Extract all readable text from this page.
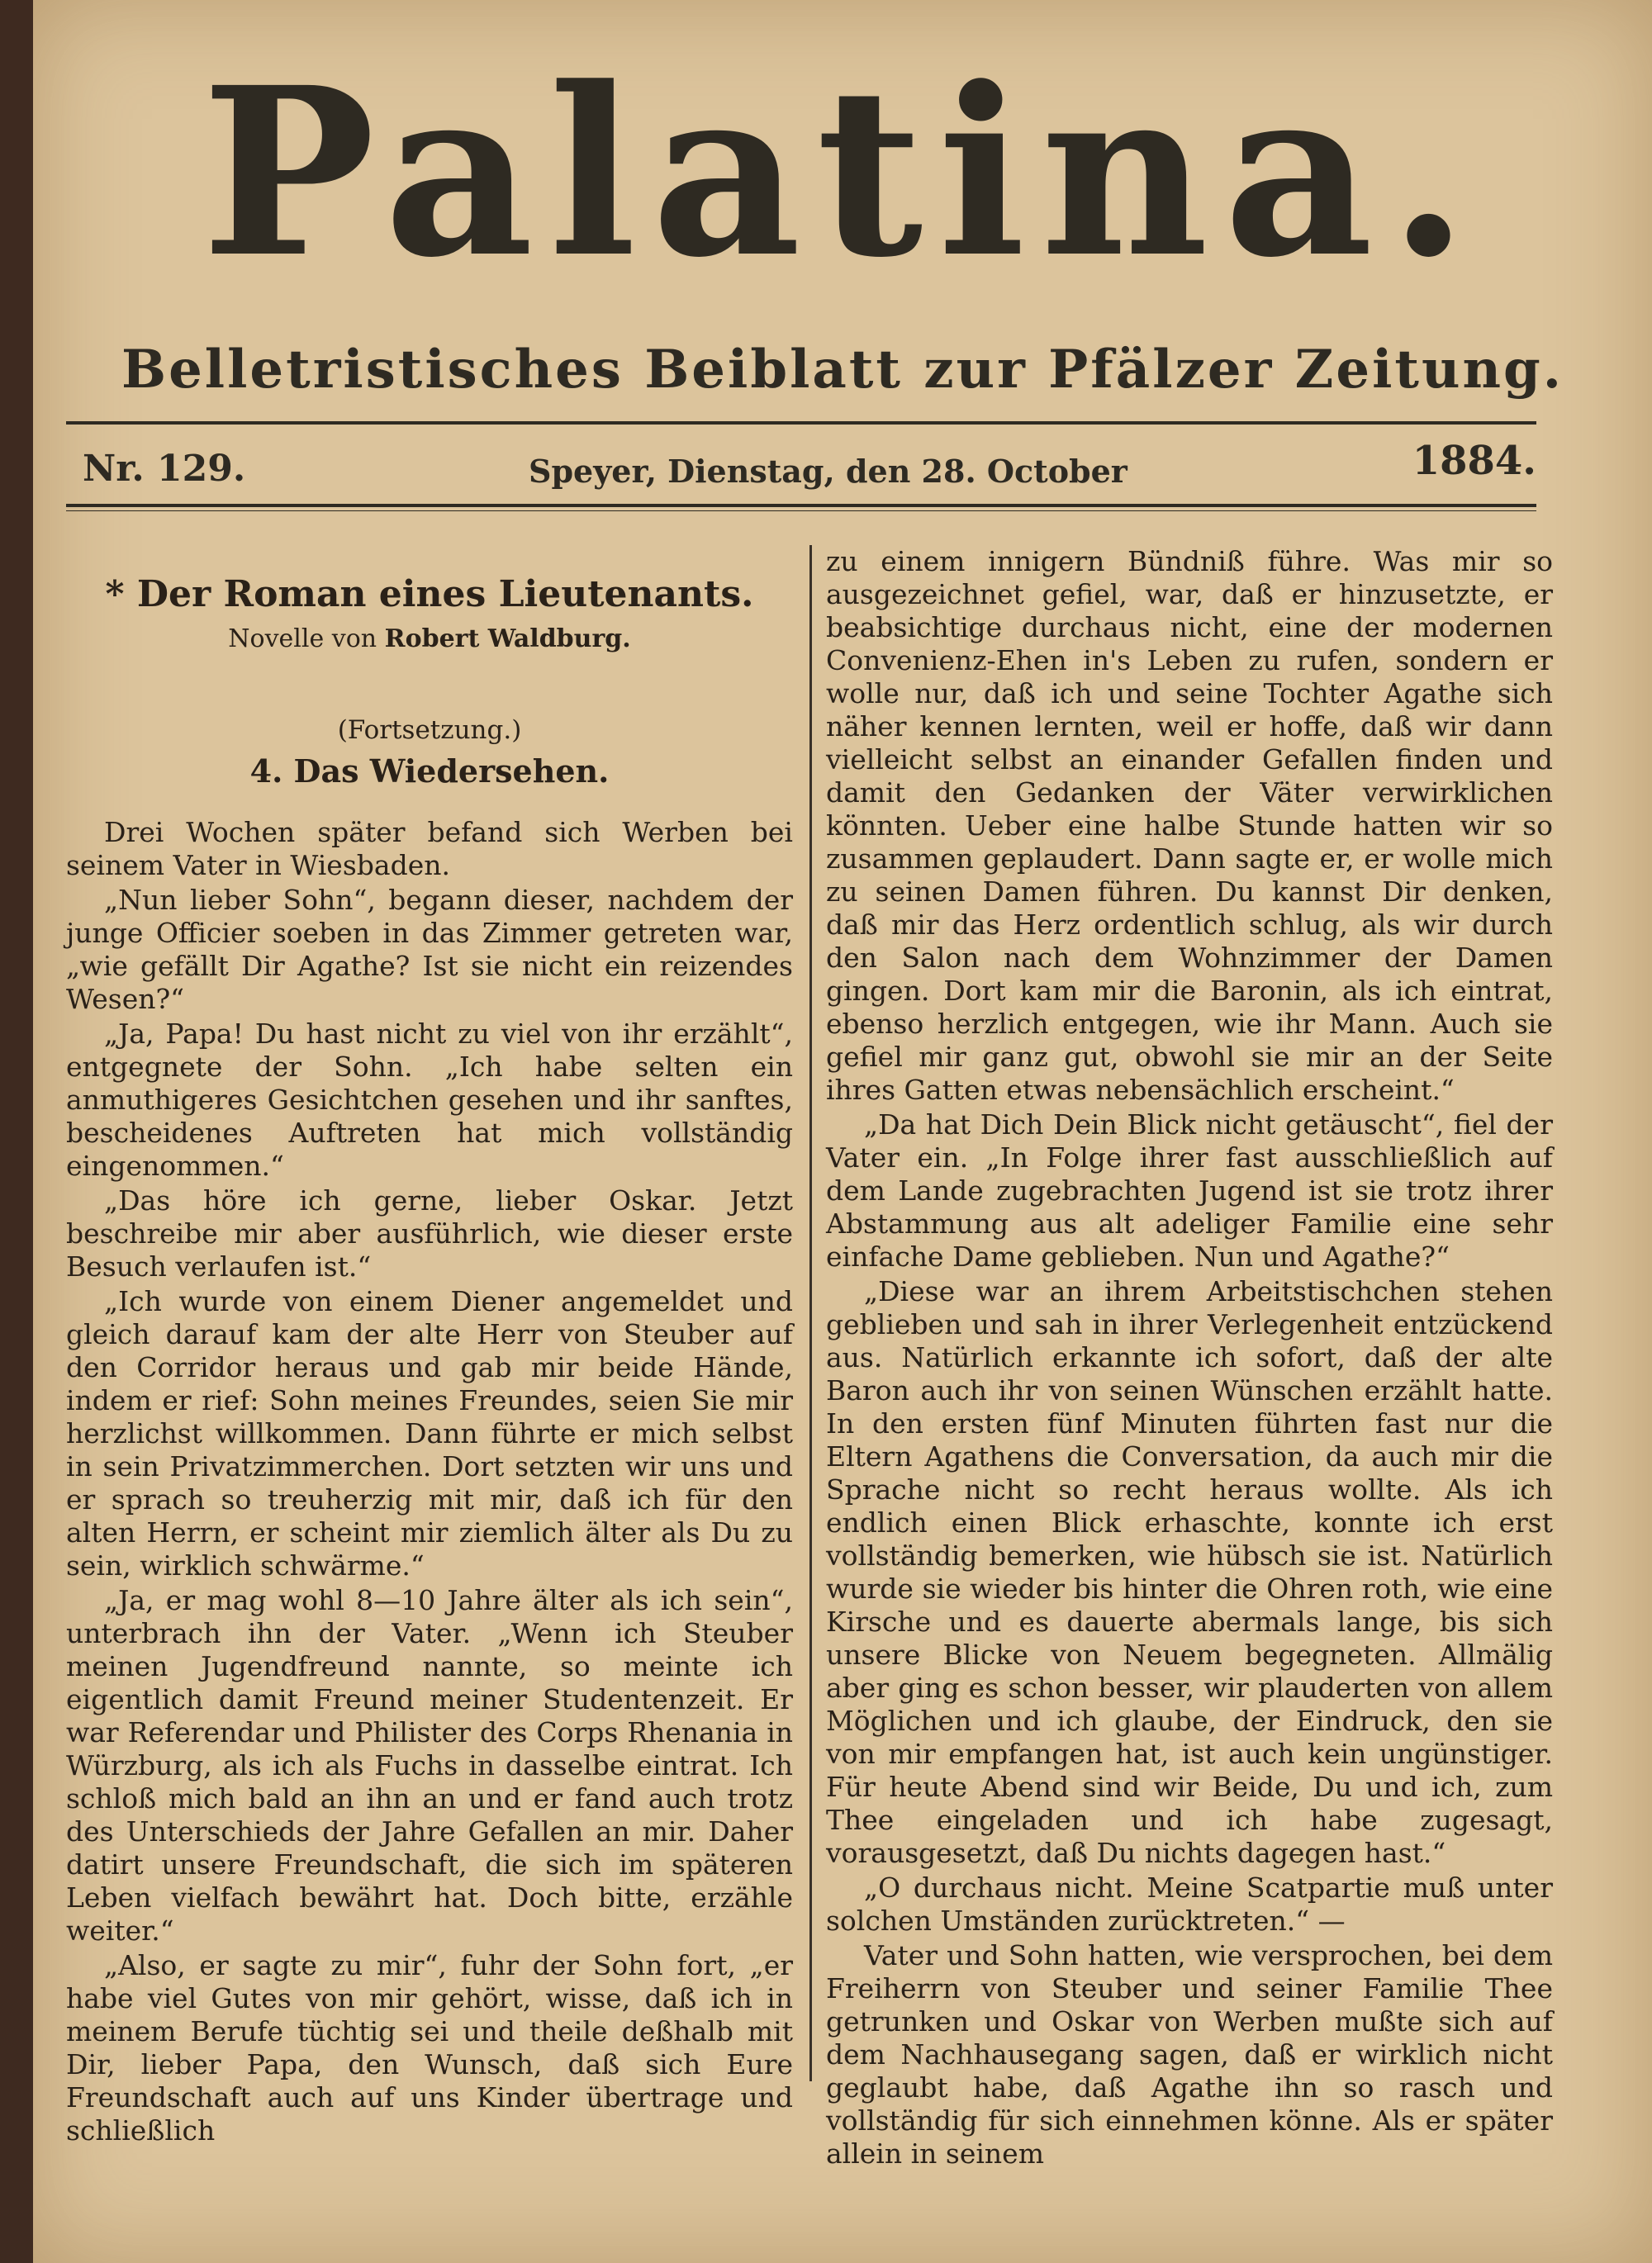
Palatina.
Belletristisches Beiblatt zur Pfälzer Zeitung.
Nr. 129.	Speyer, Dienstag, den 28. October	1884.
* Der Roman eines Lieutenants.
Novelle von Robert Waldburg.
(Fortsetzung.)
4. Das Wiedersehen.

Drei Wochen später befand sich Werben bei seinem Vater in Wiesbaden.

„Nun lieber Sohn“, begann dieser, nachdem der junge Officier soeben in das Zimmer getreten war, „wie gefällt Dir Agathe? Ist sie nicht ein reizendes Wesen?“

„Ja, Papa! Du hast nicht zu viel von ihr erzählt“, entgegnete der Sohn. „Ich habe selten ein anmuthigeres Gesichtchen gesehen und ihr sanftes, bescheidenes Auftreten hat mich vollständig eingenommen.“

„Das höre ich gerne, lieber Oskar. Jetzt beschreibe mir aber ausführlich, wie dieser erste Besuch verlaufen ist.“

„Ich wurde von einem Diener angemeldet und gleich darauf kam der alte Herr von Steuber auf den Corridor heraus und gab mir beide Hände, indem er rief: Sohn meines Freundes, seien Sie mir herzlichst willkommen. Dann führte er mich selbst in sein Privatzimmerchen. Dort setzten wir uns und er sprach so treuherzig mit mir, daß ich für den alten Herrn, er scheint mir ziemlich älter als Du zu sein, wirklich schwärme.“

„Ja, er mag wohl 8—10 Jahre älter als ich sein“, unterbrach ihn der Vater. „Wenn ich Steuber meinen Jugendfreund nannte, so meinte ich eigentlich damit Freund meiner Studentenzeit. Er war Referendar und Philister des Corps Rhenania in Würzburg, als ich als Fuchs in dasselbe eintrat. Ich schloß mich bald an ihn an und er fand auch trotz des Unterschieds der Jahre Gefallen an mir. Daher datirt unsere Freundschaft, die sich im späteren Leben vielfach bewährt hat. Doch bitte, erzähle weiter.“

„Also, er sagte zu mir“, fuhr der Sohn fort, „er habe viel Gutes von mir gehört, wisse, daß ich in meinem Berufe tüchtig sei und theile deßhalb mit Dir, lieber Papa, den Wunsch, daß sich Eure Freundschaft auch auf uns Kinder übertrage und schließlich

zu einem innigern Bündniß führe. Was mir so ausgezeichnet gefiel, war, daß er hinzusetzte, er beabsichtige durchaus nicht, eine der modernen Convenienz-Ehen in's Leben zu rufen, sondern er wolle nur, daß ich und seine Tochter Agathe sich näher kennen lernten, weil er hoffe, daß wir dann vielleicht selbst an einander Gefallen finden und damit den Gedanken der Väter verwirklichen könnten. Ueber eine halbe Stunde hatten wir so zusammen geplaudert. Dann sagte er, er wolle mich zu seinen Damen führen. Du kannst Dir denken, daß mir das Herz ordentlich schlug, als wir durch den Salon nach dem Wohnzimmer der Damen gingen. Dort kam mir die Baronin, als ich eintrat, ebenso herzlich entgegen, wie ihr Mann. Auch sie gefiel mir ganz gut, obwohl sie mir an der Seite ihres Gatten etwas nebensächlich erscheint.“

„Da hat Dich Dein Blick nicht getäuscht“, fiel der Vater ein. „In Folge ihrer fast ausschließlich auf dem Lande zugebrachten Jugend ist sie trotz ihrer Abstammung aus alt adeliger Familie eine sehr einfache Dame geblieben. Nun und Agathe?“

„Diese war an ihrem Arbeitstischchen stehen geblieben und sah in ihrer Verlegenheit entzückend aus. Natürlich erkannte ich sofort, daß der alte Baron auch ihr von seinen Wünschen erzählt hatte. In den ersten fünf Minuten führten fast nur die Eltern Agathens die Conversation, da auch mir die Sprache nicht so recht heraus wollte. Als ich endlich einen Blick erhaschte, konnte ich erst vollständig bemerken, wie hübsch sie ist. Natürlich wurde sie wieder bis hinter die Ohren roth, wie eine Kirsche und es dauerte abermals lange, bis sich unsere Blicke von Neuem begegneten. Allmälig aber ging es schon besser, wir plauderten von allem Möglichen und ich glaube, der Eindruck, den sie von mir empfangen hat, ist auch kein ungünstiger. Für heute Abend sind wir Beide, Du und ich, zum Thee eingeladen und ich habe zugesagt, vorausgesetzt, daß Du nichts dagegen hast.“

„O durchaus nicht. Meine Scatpartie muß unter solchen Umständen zurücktreten.“ —

Vater und Sohn hatten, wie versprochen, bei dem Freiherrn von Steuber und seiner Familie Thee getrunken und Oskar von Werben mußte sich auf dem Nachhausegang sagen, daß er wirklich nicht geglaubt habe, daß Agathe ihn so rasch und vollständig für sich einnehmen könne. Als er später allein in seinem
